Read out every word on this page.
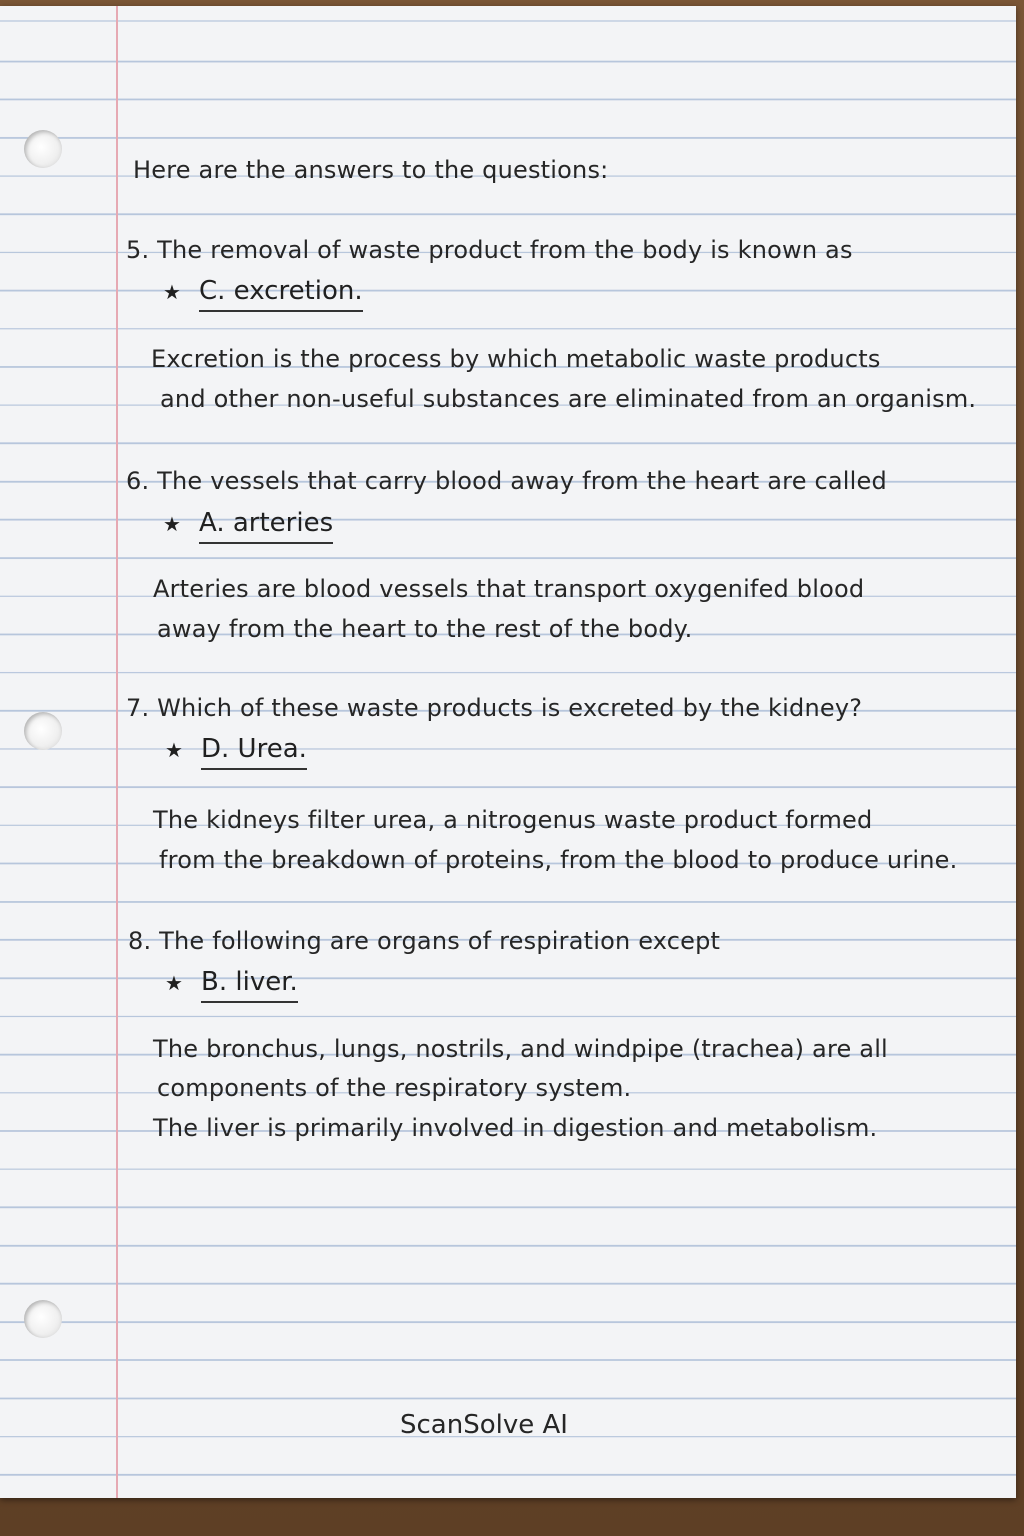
Here are the answers to the questions:
5. The removal of waste product from the body is known as
★ C. excretion.
Excretion is the process by which metabolic waste products
and other non-useful substances are eliminated from an organism.
6. The vessels that carry blood away from the heart are called
★ A. arteries
Arteries are blood vessels that transport oxygenifed blood
away from the heart to the rest of the body.
7. Which of these waste products is excreted by the kidney?
★ D. Urea.
The kidneys filter urea, a nitrogenus waste product formed
from the breakdown of proteins, from the blood to produce urine.
8. The following are organs of respiration except
★ B. liver.
The bronchus, lungs, nostrils, and windpipe (trachea) are all
components of the respiratory system.
The liver is primarily involved in digestion and metabolism.
ScanSolve AI
